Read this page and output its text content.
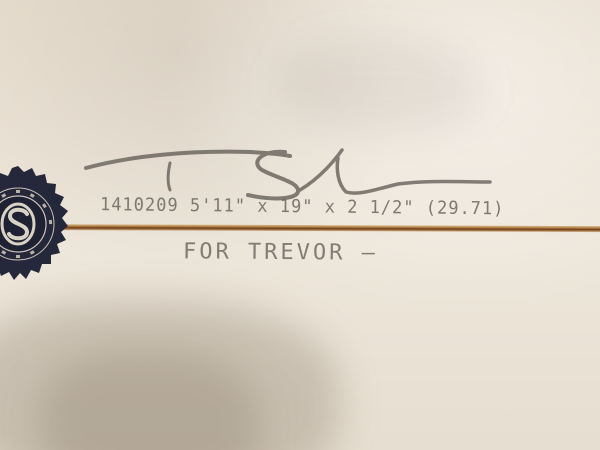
1410209 5'11" x 19" x 2 1/2" (29.71)
FOR TREVOR —
